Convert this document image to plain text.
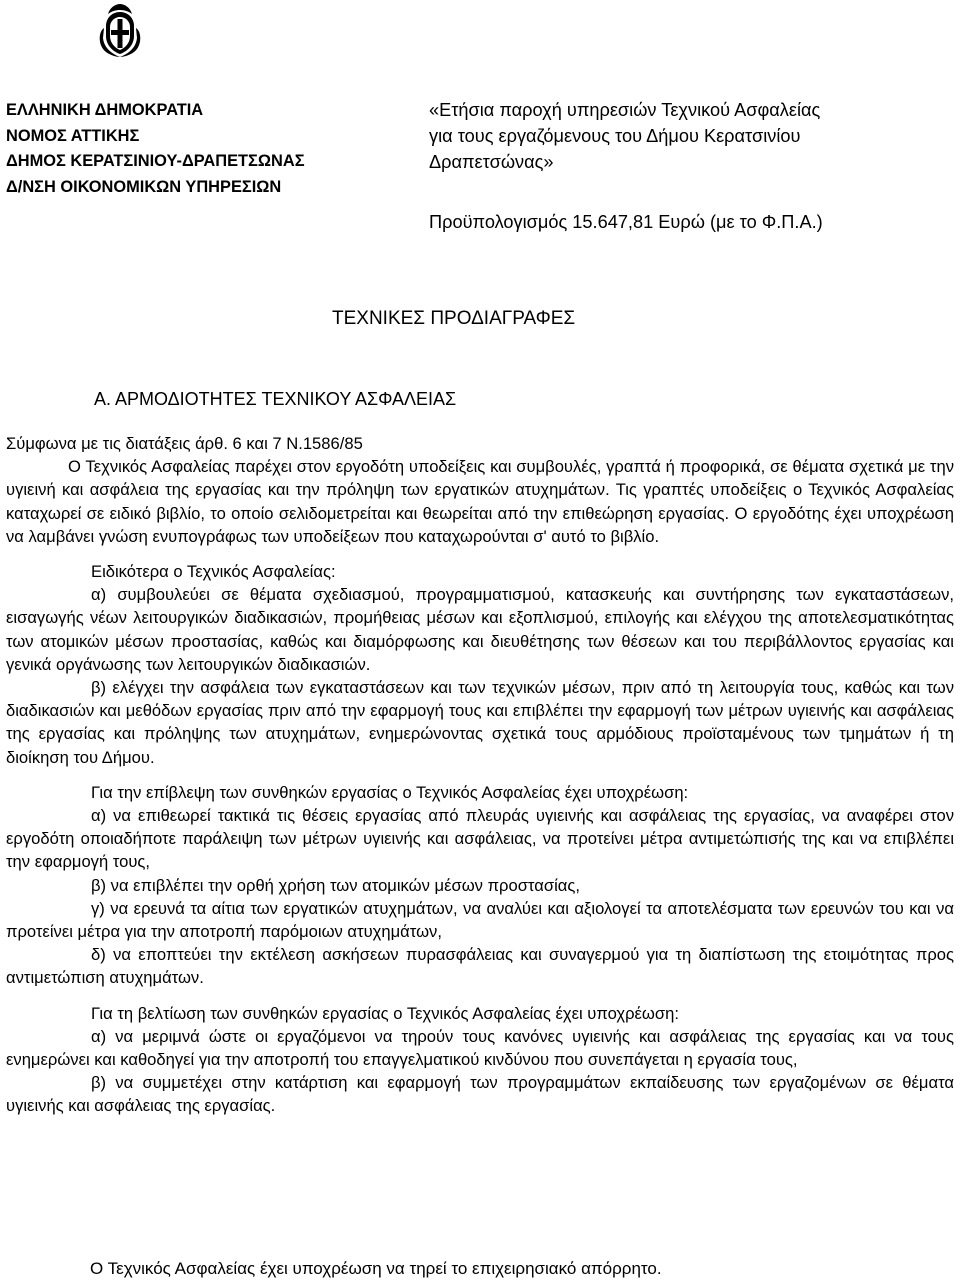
ΕΛΛΗΝΙΚΗ ΔΗΜΟΚΡΑΤΙΑ
ΝΟΜΟΣ ΑΤΤΙΚΗΣ
ΔΗΜΟΣ ΚΕΡΑΤΣΙΝΙΟΥ-ΔΡΑΠΕΤΣΩΝΑΣ
Δ/ΝΣΗ ΟΙΚΟΝΟΜΙΚΩΝ ΥΠΗΡΕΣΙΩΝ
«Ετήσια παροχή υπηρεσιών Τεχνικού Ασφαλείας
για τους εργαζόμενους του Δήμου Κερατσινίου
Δραπετσώνας»
Προϋπολογισμός 15.647,81 Ευρώ (με το Φ.Π.Α.)
ΤΕΧΝΙΚΕΣ ΠΡΟΔΙΑΓΡΑΦΕΣ
Α. ΑΡΜΟΔΙΟΤΗΤΕΣ ΤΕΧΝΙΚΟΥ ΑΣΦΑΛΕΙΑΣ

Σύμφωνα με τις διατάξεις άρθ. 6 και 7 Ν.1586/85

Ο Τεχνικός Ασφαλείας παρέχει στον εργοδότη υποδείξεις και συμβουλές, γραπτά ή προφορικά, σε θέματα σχετικά με την υγιεινή και ασφάλεια της εργασίας και την πρόληψη των εργατικών ατυχημάτων. Τις γραπτές υποδείξεις ο Τεχνικός Ασφαλείας καταχωρεί σε ειδικό βιβλίο, το οποίο σελιδομετρείται και θεωρείται από την επιθεώρηση εργασίας. Ο εργοδότης έχει υποχρέωση να λαμβάνει γνώση ενυπογράφως των υποδείξεων που καταχωρούνται σ' αυτό το βιβλίο.

Ειδικότερα ο Τεχνικός Ασφαλείας:

α) συμβουλεύει σε θέματα σχεδιασμού, προγραμματισμού, κατασκευής και συντήρησης των εγκαταστάσεων, εισαγωγής νέων λειτουργικών διαδικασιών, προμήθειας μέσων και εξοπλισμού, επιλογής και ελέγχου της αποτελεσματικότητας των ατομικών μέσων προστασίας, καθώς και διαμόρφωσης και διευθέτησης των θέσεων και του περιβάλλοντος εργασίας και γενικά οργάνωσης των λειτουργικών διαδικασιών.

β) ελέγχει την ασφάλεια των εγκαταστάσεων και των τεχνικών μέσων, πριν από τη λειτουργία τους, καθώς και των διαδικασιών και μεθόδων εργασίας πριν από την εφαρμογή τους και επιβλέπει την εφαρμογή των μέτρων υγιεινής και ασφάλειας της εργασίας και πρόληψης των ατυχημάτων, ενημερώνοντας σχετικά τους αρμόδιους προϊσταμένους των τμημάτων ή τη διοίκηση του Δήμου.

Για την επίβλεψη των συνθηκών εργασίας ο Τεχνικός Ασφαλείας έχει υποχρέωση:

α) να επιθεωρεί τακτικά τις θέσεις εργασίας από πλευράς υγιεινής και ασφάλειας της εργασίας, να αναφέρει στον εργοδότη οποιαδήποτε παράλειψη των μέτρων υγιεινής και ασφάλειας, να προτείνει μέτρα αντιμετώπισής της και να επιβλέπει την εφαρμογή τους,

β) να επιβλέπει την ορθή χρήση των ατομικών μέσων προστασίας,

γ) να ερευνά τα αίτια των εργατικών ατυχημάτων, να αναλύει και αξιολογεί τα αποτελέσματα των ερευνών του και να προτείνει μέτρα για την αποτροπή παρόμοιων ατυχημάτων,

δ) να εποπτεύει την εκτέλεση ασκήσεων πυρασφάλειας και συναγερμού για τη διαπίστωση της ετοιμότητας προς αντιμετώπιση ατυχημάτων.

Για τη βελτίωση των συνθηκών εργασίας ο Τεχνικός Ασφαλείας έχει υποχρέωση:

α) να μεριμνά ώστε οι εργαζόμενοι να τηρούν τους κανόνες υγιεινής και ασφάλειας της εργασίας και να τους ενημερώνει και καθοδηγεί για την αποτροπή του επαγγελματικού κινδύνου που συνεπάγεται η εργασία τους,

β) να συμμετέχει στην κατάρτιση και εφαρμογή των προγραμμάτων εκπαίδευσης των εργαζομένων σε θέματα υγιεινής και ασφάλειας της εργασίας.

Ο Τεχνικός Ασφαλείας έχει υποχρέωση να τηρεί το επιχειρησιακό απόρρητο.
